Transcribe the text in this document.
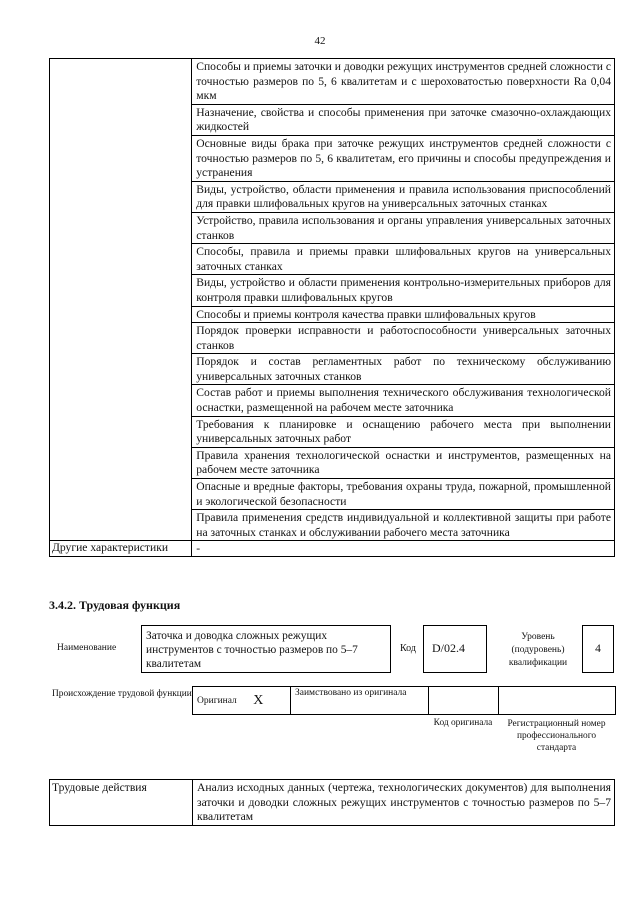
42
	Способы и приемы заточки и доводки режущих инструментов средней сложности с точностью размеров по 5, 6 квалитетам и с шероховатостью поверхности Ra 0,04 мкм
	Назначение, свойства и способы применения при заточке смазочно-охлаждающих жидкостей
	Основные виды брака при заточке режущих инструментов средней сложности с точностью размеров по 5, 6 квалитетам, его причины и способы предупреждения и устранения
	Виды, устройство, области применения и правила использования приспособлений для правки шлифовальных кругов на универсальных заточных станках
	Устройство, правила использования и органы управления универсальных заточных станков
	Способы, правила и приемы правки шлифовальных кругов на универсальных заточных станках
	Виды, устройство и области применения контрольно-измерительных приборов для контроля правки шлифовальных кругов
	Способы и приемы контроля качества правки шлифовальных кругов
	Порядок проверки исправности и работоспособности универсальных заточных станков
	Порядок и состав регламентных работ по техническому обслуживанию универсальных заточных станков
	Состав работ и приемы выполнения технического обслуживания технологической оснастки, размещенной на рабочем месте заточника
	Требования к планировке и оснащению рабочего места при выполнении универсальных заточных работ
	Правила хранения технологической оснастки и инструментов, размещенных на рабочем месте заточника
	Опасные и вредные факторы, требования охраны труда, пожарной, промышленной и экологической безопасности
	Правила применения средств индивидуальной и коллективной защиты при работе на заточных станках и обслуживании рабочего места заточника
Другие характеристики	-
3.4.2. Трудовая функция
Наименование
Заточка и доводка сложных режущих инструментов с точностью размеров по 5–7 квалитетам
Код	D/02.4
Уровень (подуровень) квалификации
4
Происхождение трудовой функции
Оригинал X	Заимствовано из оригинала		
Код оригинала	Регистрационный номер профессионального стандарта
Трудовые действия	Анализ исходных данных (чертежа, технологических документов) для выполнения заточки и доводки сложных режущих инструментов с точностью размеров по 5–7 квалитетам
